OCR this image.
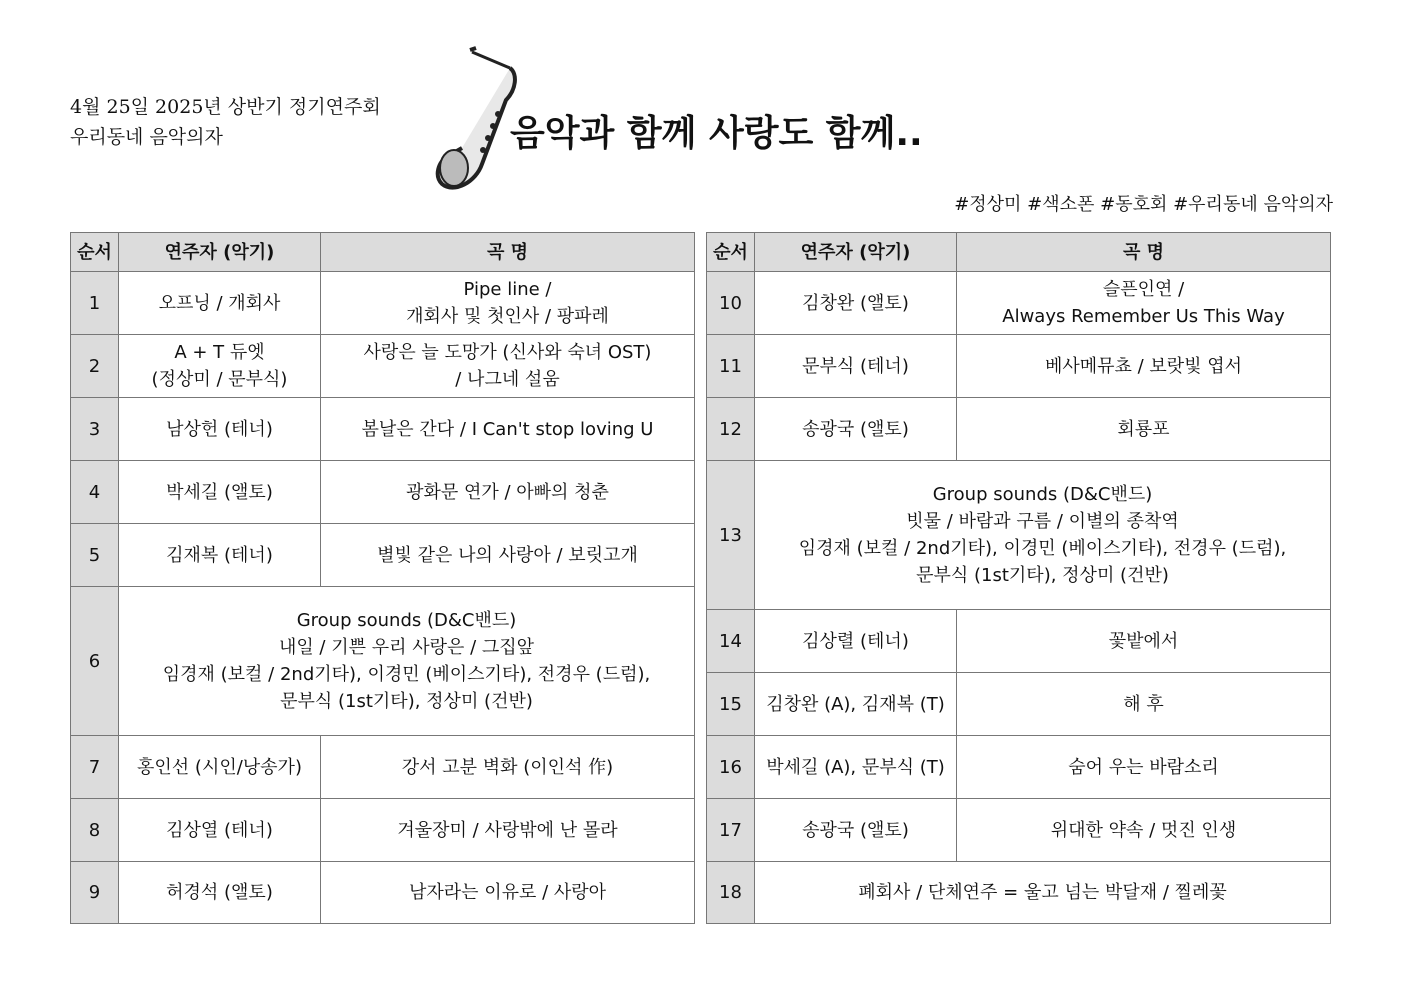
4월 25일 2025년 상반기 정기연주회
우리동네 음악의자	음악과 함께 사랑도 함께..
#정상미 #색소폰 #동호회 #우리동네 음악의자
순서	연주자 (악기)	곡 명
1	오프닝 / 개회사	Pipe line /
개회사 및 첫인사 / 팡파레

2	A + T 듀엣
(정상미 / 문부식)	사랑은 늘 도망가 (신사와 숙녀 OST)
/ 나그네 설움

3	남상헌 (테너)	봄날은 간다 / I Can't stop loving U

4	박세길 (앨토)	광화문 연가 / 아빠의 청춘

5	김재복 (테너)	별빛 같은 나의 사랑아 / 보릿고개

6	Group sounds (D&C밴드)
내일 / 기쁜 우리 사랑은 / 그집앞
임경재 (보컬 / 2nd기타), 이경민 (베이스기타), 전경우 (드럼),
문부식 (1st기타), 정상미 (건반)	

7	홍인선 (시인/낭송가)	강서 고분 벽화 (이인석 作)

8	김상열 (테너)	겨울장미 / 사랑밖에 난 몰라

9	허경석 (앨토)	남자라는 이유로 / 사랑아
순서	연주자 (악기)	곡 명
10	김창완 (앨토)	슬픈인연 /
Always Remember Us This Way

11	문부식 (테너)	베사메뮤쵸 / 보랏빛 엽서

12	송광국 (앨토)	회룡포

13	Group sounds (D&C밴드)
빗물 / 바람과 구름 / 이별의 종착역
임경재 (보컬 / 2nd기타), 이경민 (베이스기타), 전경우 (드럼),
문부식 (1st기타), 정상미 (건반)	

14	김상렬 (테너)	꽃밭에서

15	김창완 (A), 김재복 (T)	해 후

16	박세길 (A), 문부식 (T)	숨어 우는 바람소리

17	송광국 (앨토)	위대한 약속 / 멋진 인생

18	폐회사 / 단체연주 = 울고 넘는 박달재 / 찔레꽃	
